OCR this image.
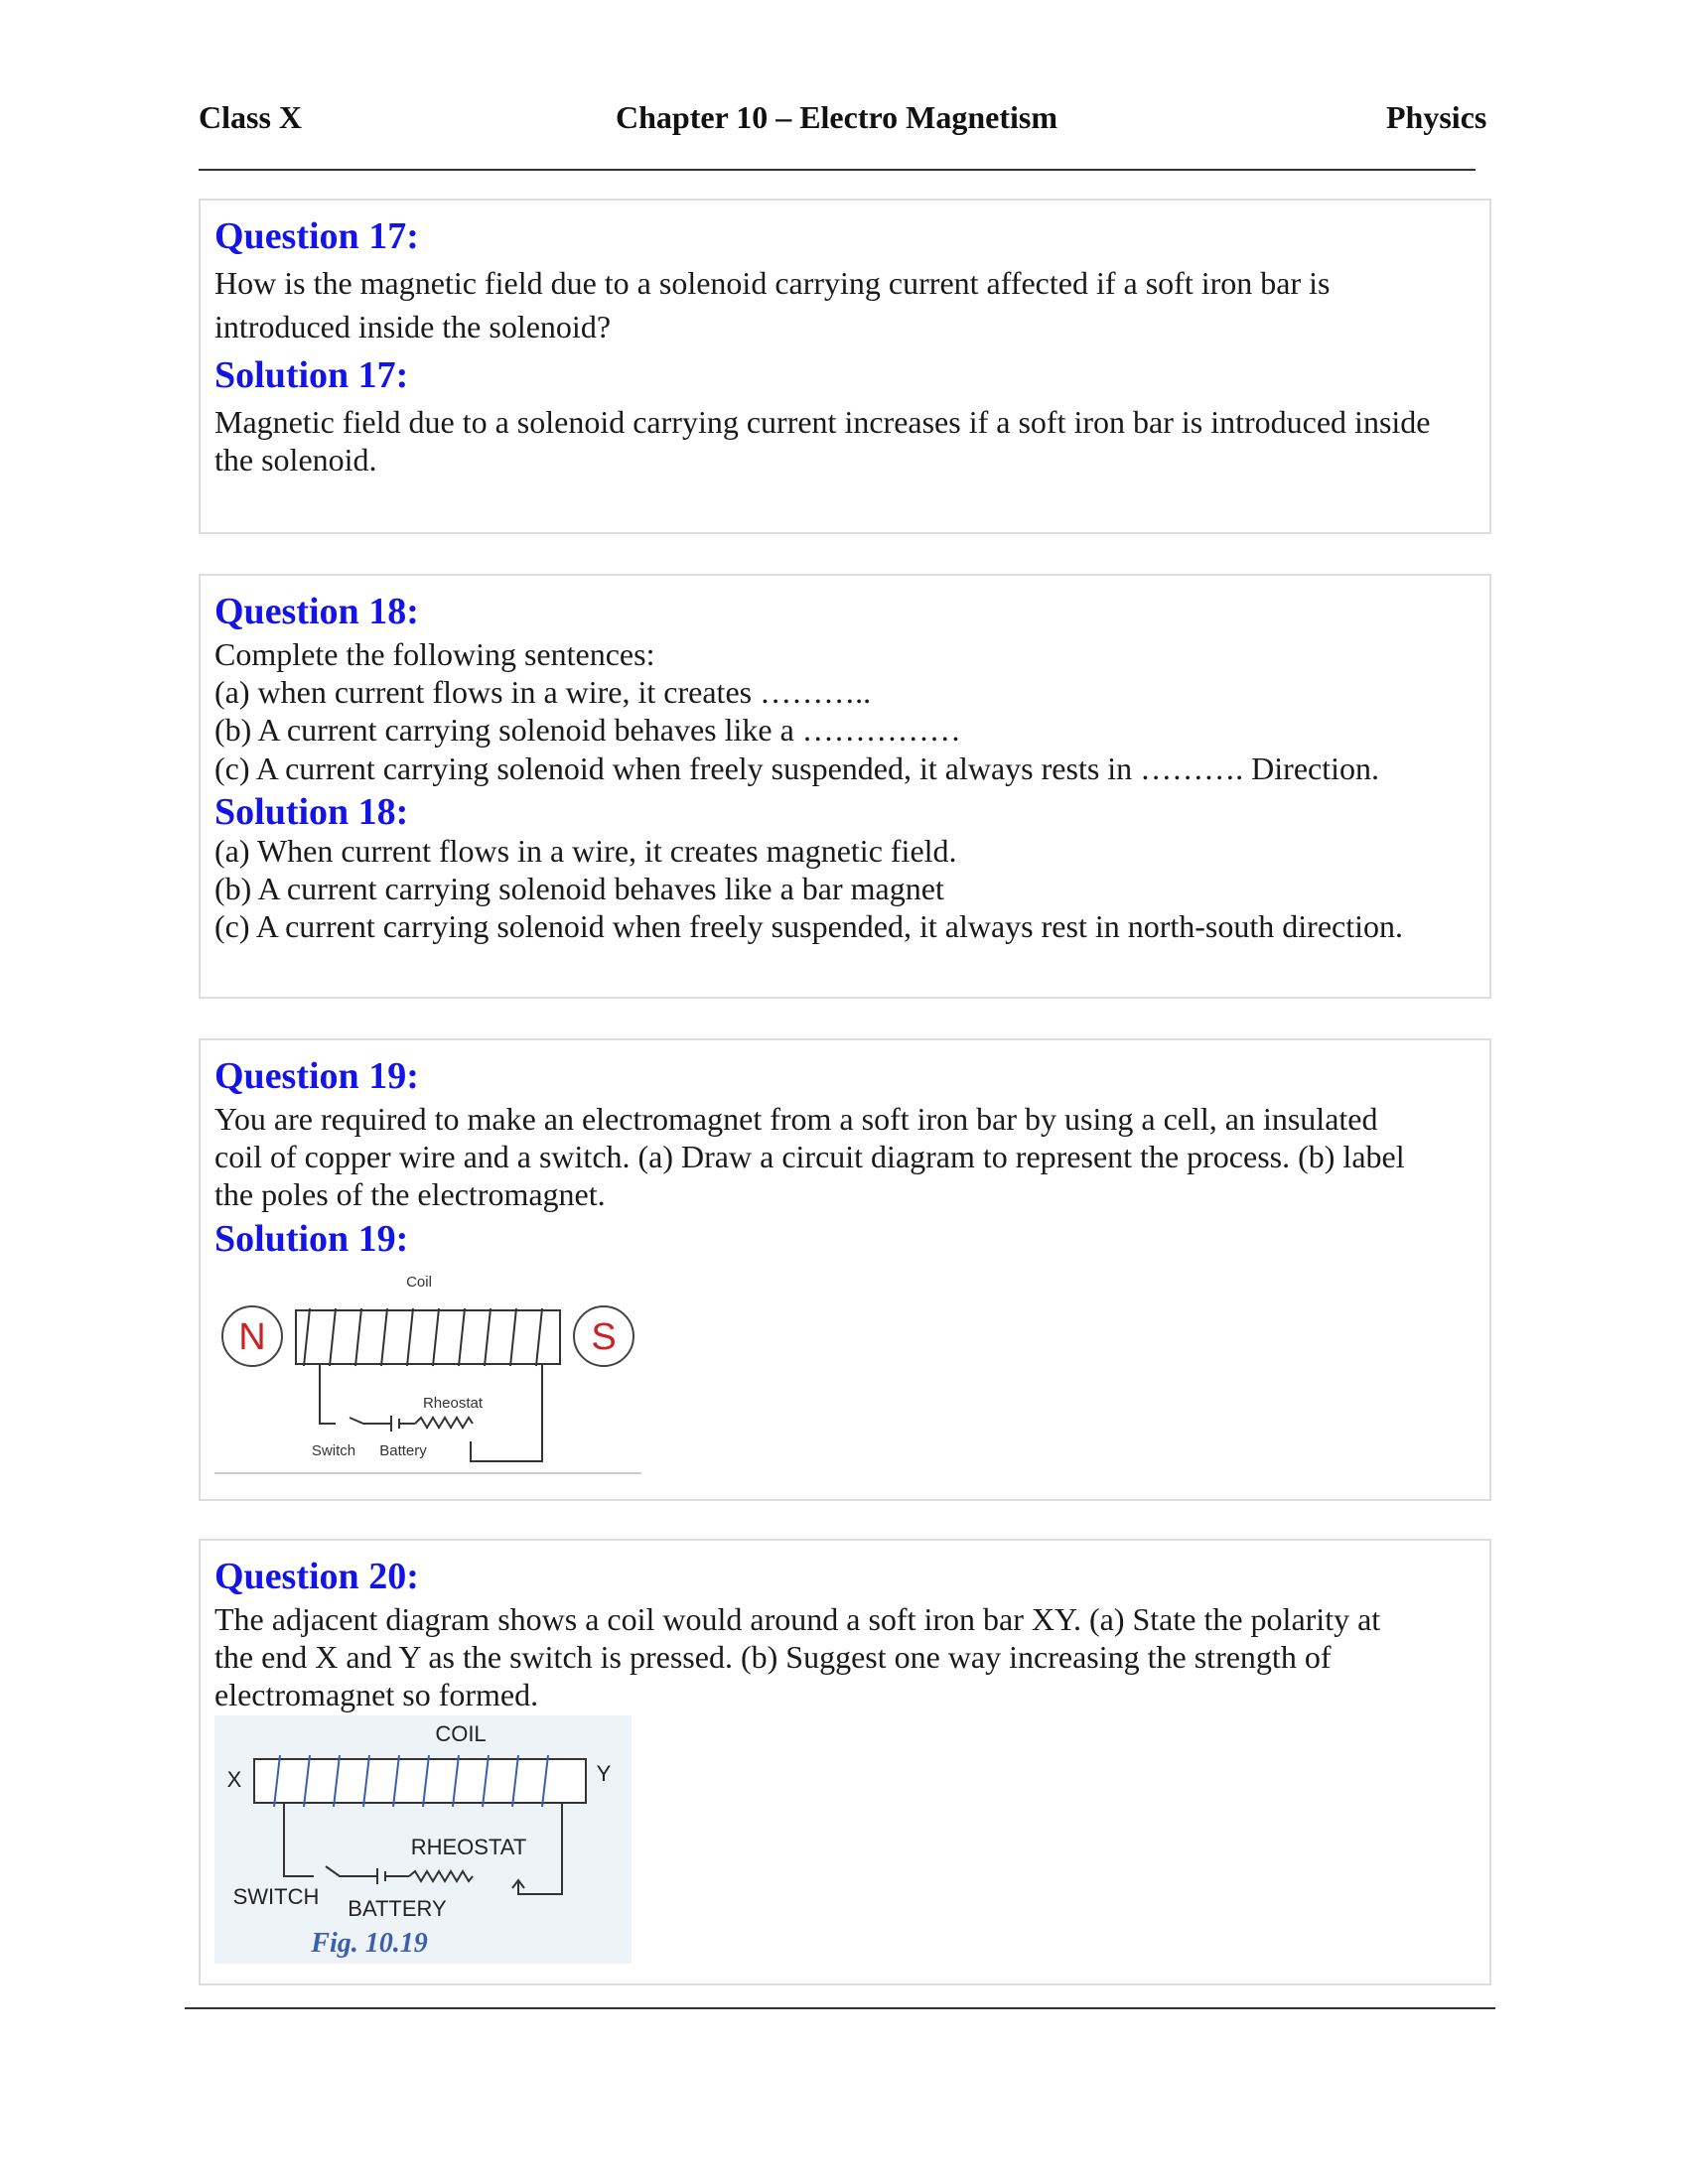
Class X	Chapter 10 – Electro Magnetism	Physics
Question 17:
How is the magnetic field due to a solenoid carrying current affected if a soft iron bar is
introduced inside the solenoid?
Solution 17:
Magnetic field due to a solenoid carrying current increases if a soft iron bar is introduced inside
the solenoid.
Question 18:
Complete the following sentences:
(a) when current flows in a wire, it creates ………..
(b) A current carrying solenoid behaves like a ……………
(c) A current carrying solenoid when freely suspended, it always rests in ………. Direction.
Solution 18:
(a) When current flows in a wire, it creates magnetic field.
(b) A current carrying solenoid behaves like a bar magnet
(c) A current carrying solenoid when freely suspended, it always rest in north-south direction.
Question 19:
You are required to make an electromagnet from a soft iron bar by using a cell, an insulated
coil of copper wire and a switch. (a) Draw a circuit diagram to represent the process. (b) label
the poles of the electromagnet.
Solution 19:
N	S
Coil
Rheostat
Switch Battery
Question 20:
The adjacent diagram shows a coil would around a soft iron bar XY. (a) State the polarity at
the end X and Y as the switch is pressed. (b) Suggest one way increasing the strength of
electromagnet so formed.
COIL
X	Y
RHEOSTAT
SWITCH BATTERY
Fig. 10.19
